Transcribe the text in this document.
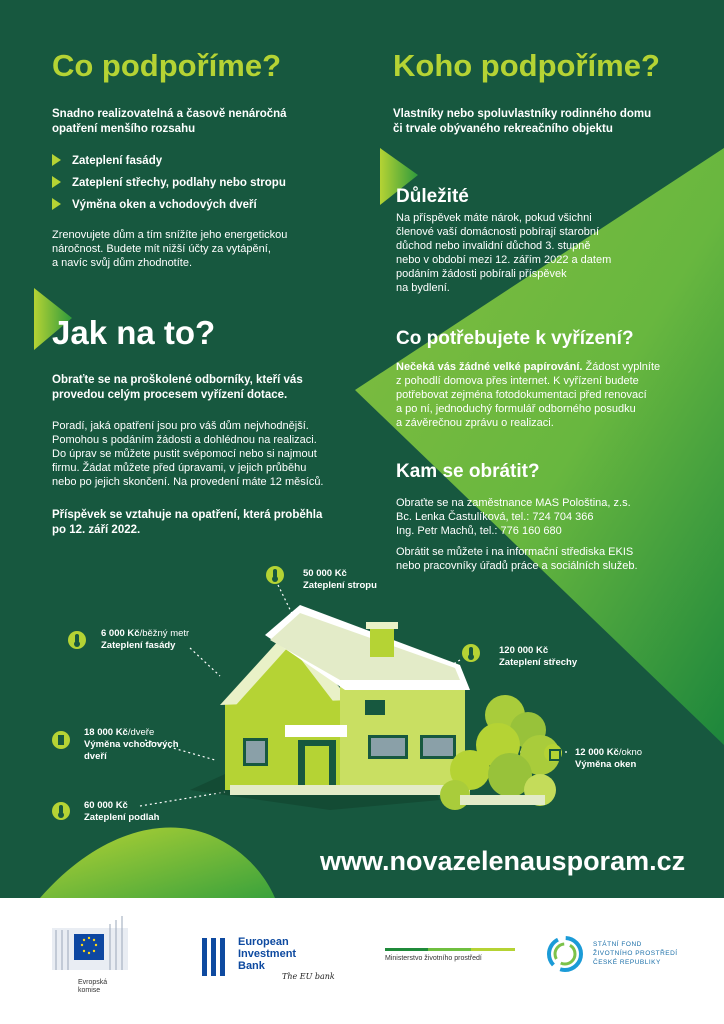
Co podpoříme?
Snadno realizovatelná a časově nenáročná
opatření menšího rozsahu
Zateplení fasády
Zateplení střechy, podlahy nebo stropu
Výměna oken a vchodových dveří
Zrenovujete dům a tím snížíte jeho energetickou
náročnost. Budete mít nižší účty za vytápění,
a navíc svůj dům zhodnotíte.
Koho podpoříme?
Vlastníky nebo spoluvlastníky rodinného domu
či trvale obývaného rekreačního objektu
Důležité
Na příspěvek máte nárok, pokud všichni
členové vaší domácnosti pobírají starobní
důchod nebo invalidní důchod 3. stupně
nebo v období mezi 12. zářím 2022 a datem
podáním žádosti pobírali příspěvek
na bydlení.
Jak na to?
Obraťte se na proškolené odborníky, kteří vás
provedou celým procesem vyřízení dotace.
Poradí, jaká opatření jsou pro váš dům nejvhodnější.
Pomohou s podáním žádosti a dohlédnou na realizaci.
Do úprav se můžete pustit svépomocí nebo si najmout
firmu. Žádat můžete před úpravami, v jejich průběhu
nebo po jejich skončení. Na provedení máte 12 měsíců.
Příspěvek se vztahuje na opatření, která proběhla
po 12. září 2022.
Co potřebujete k vyřízení?
Nečeká vás žádné velké papírování. Žádost vyplníte
z pohodlí domova přes internet. K vyřízení budete
potřebovat zejména fotodokumentaci před renovací
a po ní, jednoduchý formulář odborného posudku
a závěrečnou zprávu o realizaci.
Kam se obrátit?
Obraťte se na zaměstnance MAS Poloština, z.s.
Bc. Lenka Častulíková, tel.: 724 704 366
Ing. Petr Machů, tel.: 776 160 680
Obrátit se můžete i na informační střediska EKIS
nebo pracovníky úřadů práce a sociálních služeb.
50 000 Kč
Zateplení stropu
6 000 Kč/běžný metr
Zateplení fasády	120 000 Kč
Zateplení střechy
18 000 Kč/dveře
Výměna vchodových
dveří	12 000 Kč/okno
Výměna oken
60 000 Kč
Zateplení podlah
www.novazelenausporam.cz
Evropská
komise
European
Investment
Bank
The EU bank
Ministerstvo životního prostředí
STÁTNÍ FOND
ŽIVOTNÍHO PROSTŘEDÍ
ČESKÉ REPUBLIKY
